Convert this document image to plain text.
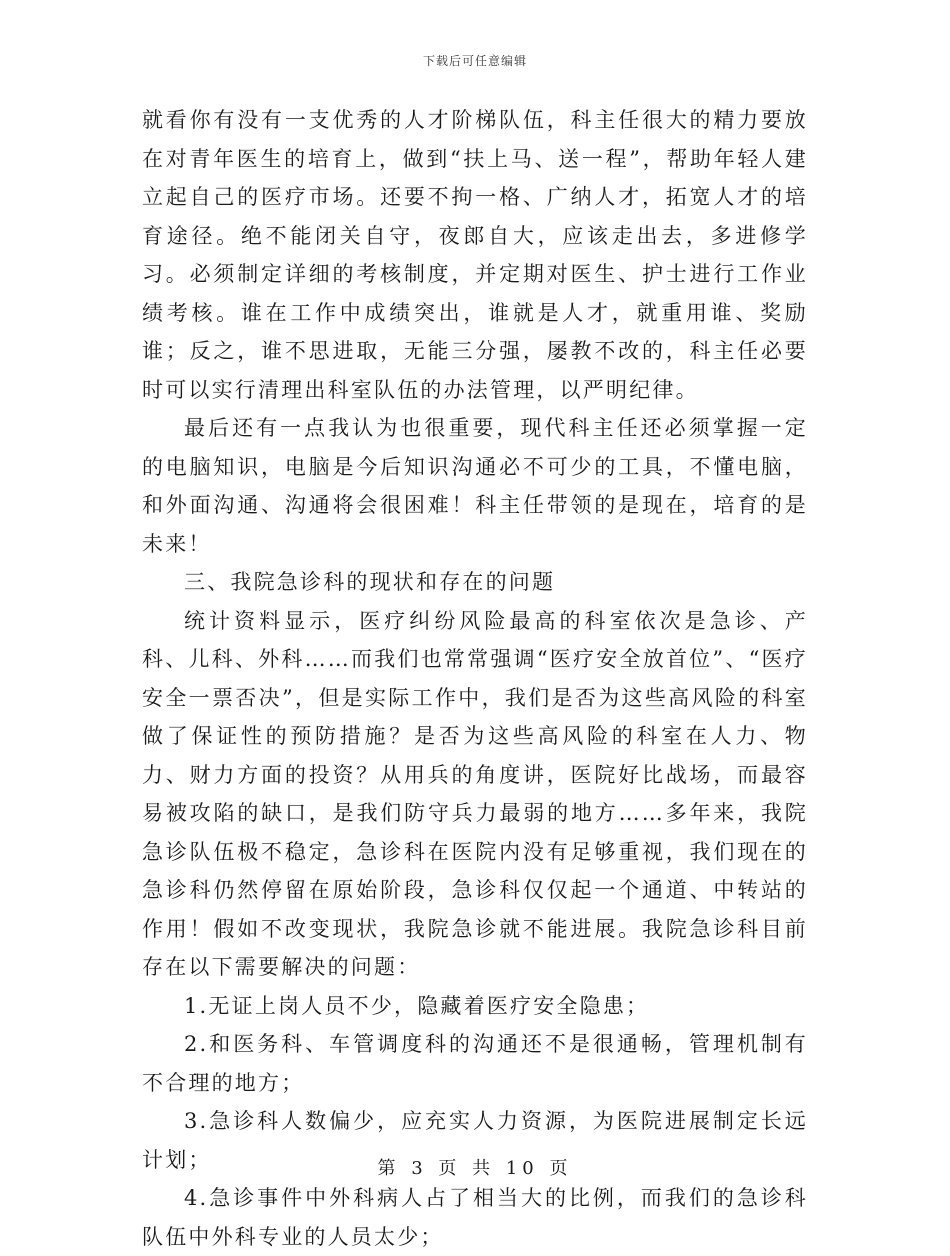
下载后可任意编辑

就看你有没有一支优秀的人才阶梯队伍，科主任很大的精力要放在对青年医生的培育上，做到“扶上马、送一程”，帮助年轻人建立起自己的医疗市场。还要不拘一格、广纳人才，拓宽人才的培育途径。绝不能闭关自守，夜郎自大，应该走出去，多进修学习。必须制定详细的考核制度，并定期对医生、护士进行工作业绩考核。谁在工作中成绩突出，谁就是人才，就重用谁、奖励谁；反之，谁不思进取，无能三分强，屡教不改的，科主任必要时可以实行清理出科室队伍的办法管理，以严明纪律。

最后还有一点我认为也很重要，现代科主任还必须掌握一定的电脑知识，电脑是今后知识沟通必不可少的工具，不懂电脑，和外面沟通、沟通将会很困难！科主任带领的是现在，培育的是未来！

三、我院急诊科的现状和存在的问题

统计资料显示，医疗纠纷风险最高的科室依次是急诊、产科、儿科、外科……而我们也常常强调“医疗安全放首位”、“医疗安全一票否决”，但是实际工作中，我们是否为这些高风险的科室做了保证性的预防措施？是否为这些高风险的科室在人力、物力、财力方面的投资？从用兵的角度讲，医院好比战场，而最容易被攻陷的缺口，是我们防守兵力最弱的地方……多年来，我院急诊队伍极不稳定，急诊科在医院内没有足够重视，我们现在的急诊科仍然停留在原始阶段，急诊科仅仅起一个通道、中转站的作用！假如不改变现状，我院急诊就不能进展。我院急诊科目前存在以下需要解决的问题：

1.无证上岗人员不少，隐藏着医疗安全隐患；

2.和医务科、车管调度科的沟通还不是很通畅，管理机制有不合理的地方；

3.急诊科人数偏少，应充实人力资源，为医院进展制定长远计划；

4.急诊事件中外科病人占了相当大的比例，而我们的急诊科队伍中外科专业的人员太少；

第 3 页 共 10 页
